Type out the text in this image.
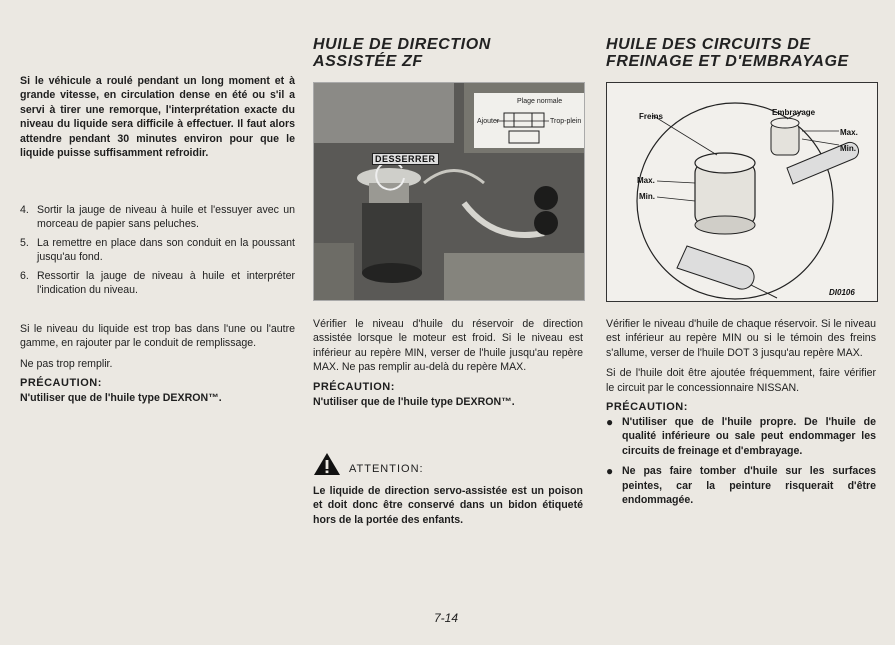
Si le véhicule a roulé pendant un long moment et à grande vitesse, en circulation dense en été ou s'il a servi à tirer une remorque, l'interprétation exacte du niveau du liquide sera difficile à effectuer. Il faut alors attendre pendant 30 minutes environ pour que le liquide puisse suffisamment refroidir.

4. Sortir la jauge de niveau à huile et l'essuyer avec un morceau de papier sans peluches.
5. La remettre en place dans son conduit en la poussant jusqu'au fond.
6. Ressortir la jauge de niveau à huile et interpréter l'indication du niveau.

Si le niveau du liquide est trop bas dans l'une ou l'autre gamme, en rajouter par le conduit de remplissage.

Ne pas trop remplir.

PRÉCAUTION:

N'utiliser que de l'huile type DEXRON™.

HUILE DE DIRECTION

ASSISTÉE ZF

Plage normale
Ajouter	Trop-plein
DESSERRER

Vérifier le niveau d'huile du réservoir de direction assistée lorsque le moteur est froid. Si le niveau est inférieur au repère MIN, verser de l'huile jusqu'au repère MAX. Ne pas remplir au-delà du repère MAX.

PRÉCAUTION:

N'utiliser que de l'huile type DEXRON™.

ATTENTION:

Le liquide de direction servo-assistée est un poison et doit donc être conservé dans un bidon étiqueté hors de la portée des enfants.

HUILE DES CIRCUITS DE

FREINAGE ET D'EMBRAYAGE

Freins	Embrayage
Max.
Min.
Max.
Min.
DI0106

Vérifier le niveau d'huile de chaque réservoir. Si le niveau est inférieur au repère MIN ou si le témoin des freins s'allume, verser de l'huile DOT 3 jusqu'au repère MAX.

Si de l'huile doit être ajoutée fréquemment, faire vérifier le circuit par le concessionnaire NISSAN.

PRÉCAUTION:
● N'utiliser que de l'huile propre. De l'huile de qualité inférieure ou sale peut endommager les circuits de freinage et d'embrayage.
● Ne pas faire tomber d'huile sur les surfaces peintes, car la peinture risquerait d'être endommagée.
7-14
